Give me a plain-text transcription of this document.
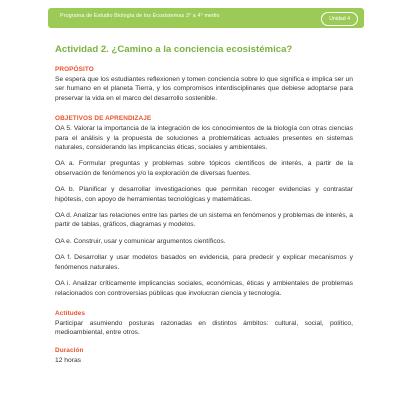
Programa de Estudio Biología de los Ecosistemas 3° a 4° medio	Unidad 4
Actividad 2. ¿Camino a la conciencia ecosistémica?
PROPÓSITO

Se espera que los estudiantes reflexionen y tomen conciencia sobre lo que significa e implica ser un ser humano en el planeta Tierra, y los compromisos interdisciplinares que debiese adoptarse para preservar la vida en el marco del desarrollo sostenible.

OBJETIVOS DE APRENDIZAJE

OA 5. Valorar la importancia de la integración de los conocimientos de la biología con otras ciencias para el análisis y la propuesta de soluciones a problemáticas actuales presentes en sistemas naturales, considerando las implicancias éticas, sociales y ambientales.

OA a. Formular preguntas y problemas sobre tópicos científicos de interés, a partir de la observación de fenómenos y/o la exploración de diversas fuentes.

OA b. Planificar y desarrollar investigaciones que permitan recoger evidencias y contrastar hipótesis, con apoyo de herramientas tecnológicas y matemáticas.

OA d. Analizar las relaciones entre las partes de un sistema en fenómenos y problemas de interés, a partir de tablas, gráficos, diagramas y modelos.

OA e. Construir, usar y comunicar argumentos científicos.

OA f. Desarrollar y usar modelos basados en evidencia, para predecir y explicar mecanismos y fenómenos naturales.

OA i. Analizar críticamente implicancias sociales, económicas, éticas y ambientales de problemas relacionados con controversias públicas que involucran ciencia y tecnología.

Actitudes

Participar asumiendo posturas razonadas en distintos ámbitos: cultural, social, político, medioambiental, entre otros.

Duración

12 horas
